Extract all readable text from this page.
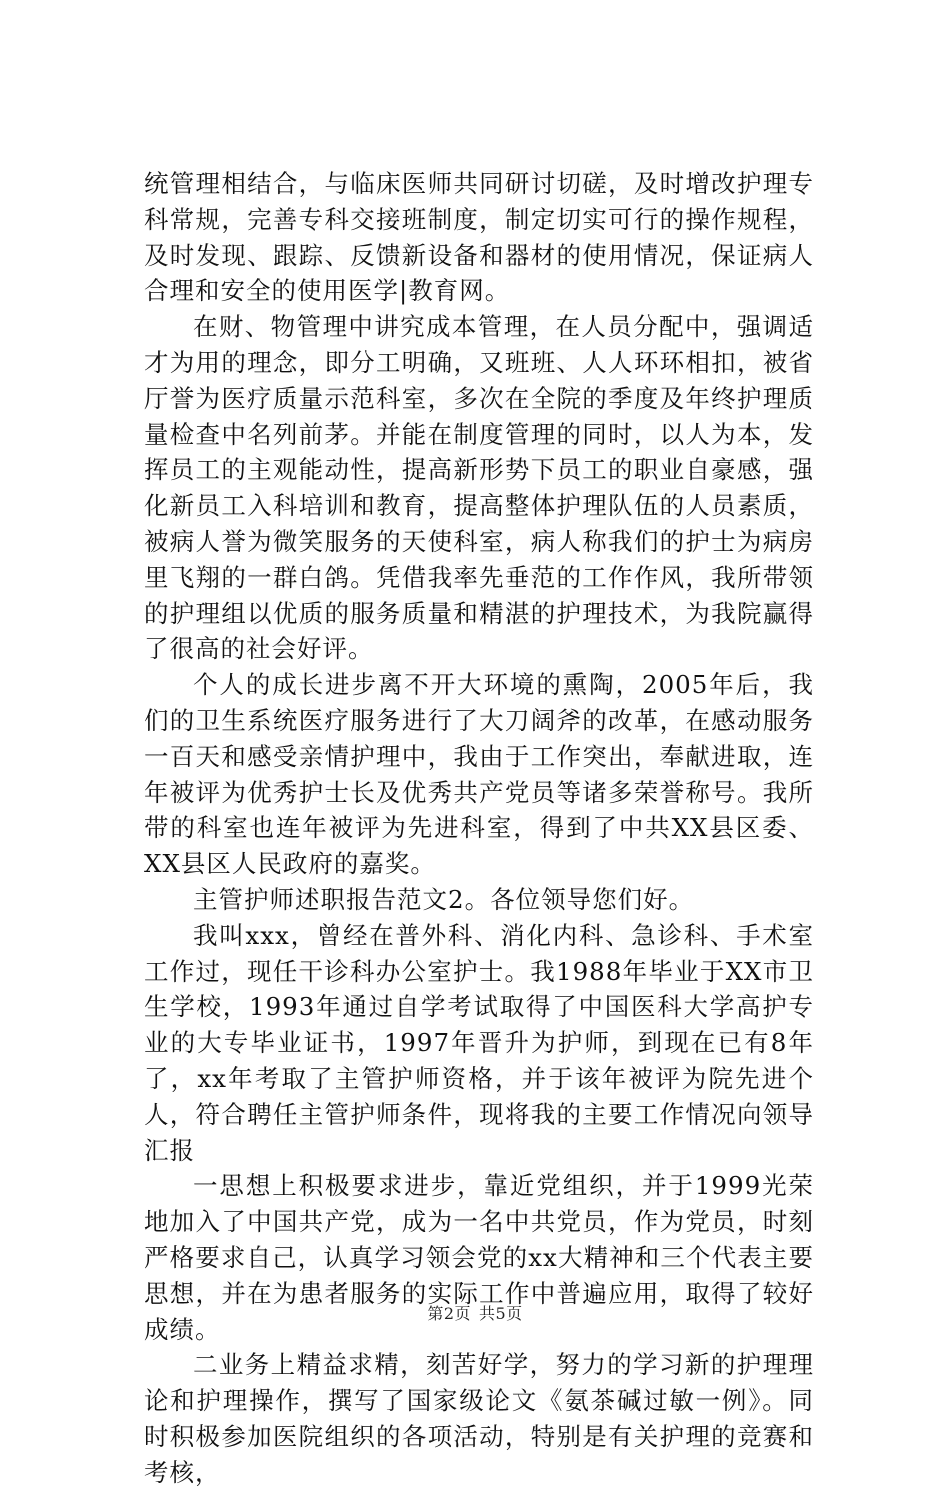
统管理相结合，与临床医师共同研讨切磋，及时增改护理专科常规，完善专科交接班制度，制定切实可行的操作规程，及时发现、跟踪、反馈新设备和器材的使用情况，保证病人合理和安全的使用医学|教育网。

在财、物管理中讲究成本管理，在人员分配中，强调适才为用的理念，即分工明确，又班班、人人环环相扣，被省厅誉为医疗质量示范科室，多次在全院的季度及年终护理质量检查中名列前茅。并能在制度管理的同时，以人为本，发挥员工的主观能动性，提高新形势下员工的职业自豪感，强化新员工入科培训和教育，提高整体护理队伍的人员素质，被病人誉为微笑服务的天使科室，病人称我们的护士为病房里飞翔的一群白鸽。凭借我率先垂范的工作作风，我所带领的护理组以优质的服务质量和精湛的护理技术，为我院赢得了很高的社会好评。

个人的成长进步离不开大环境的熏陶，2005年后，我们的卫生系统医疗服务进行了大刀阔斧的改革，在感动服务一百天和感受亲情护理中，我由于工作突出，奉献进取，连年被评为优秀护士长及优秀共产党员等诸多荣誉称号。我所带的科室也连年被评为先进科室，得到了中共XX县区委、XX县区人民政府的嘉奖。

主管护师述职报告范文2。各位领导您们好。

我叫xxx，曾经在普外科、消化内科、急诊科、手术室工作过，现任干诊科办公室护士。我1988年毕业于XX市卫生学校，1993年通过自学考试取得了中国医科大学高护专业的大专毕业证书，1997年晋升为护师，到现在已有8年了，xx年考取了主管护师资格，并于该年被评为院先进个人，符合聘任主管护师条件，现将我的主要工作情况向领导汇报

一思想上积极要求进步，靠近党组织，并于1999光荣地加入了中国共产党，成为一名中共党员，作为党员，时刻严格要求自己，认真学习领会党的xx大精神和三个代表主要思想，并在为患者服务的实际工作中普遍应用，取得了较好成绩。

二业务上精益求精，刻苦好学，努力的学习新的护理理论和护理操作，撰写了国家级论文《氨茶碱过敏一例》。同时积极参加医院组织的各项活动，特别是有关护理的竞赛和考核，

第2页 共5页
